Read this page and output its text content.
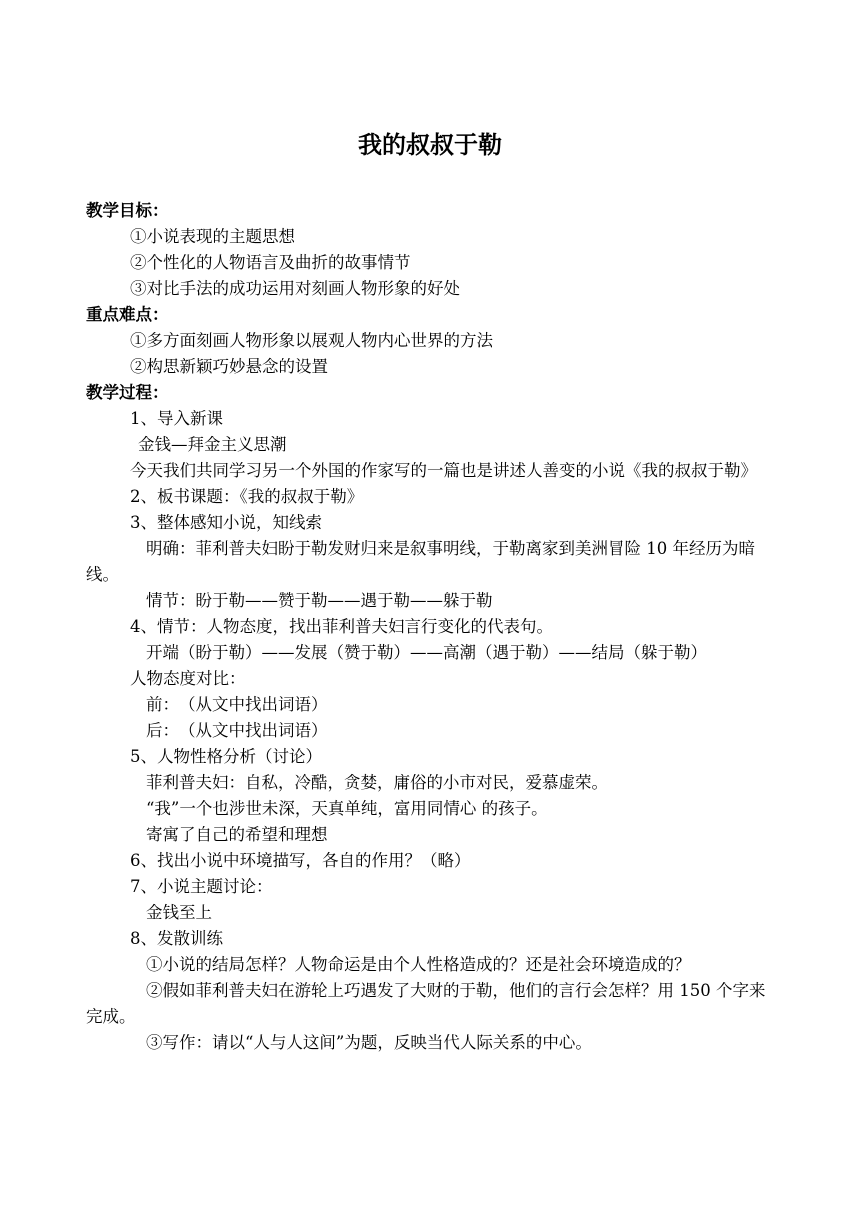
我的叔叔于勒
教学目标：
①小说表现的主题思想
②个性化的人物语言及曲折的故事情节
③对比手法的成功运用对刻画人物形象的好处
重点难点：
①多方面刻画人物形象以展观人物内心世界的方法
②构思新颖巧妙悬念的设置
教学过程：
1、导入新课
金钱—拜金主义思潮
今天我们共同学习另一个外国的作家写的一篇也是讲述人善变的小说《我的叔叔于勒》
2、板书课题：《我的叔叔于勒》
3、整体感知小说，知线索
明确：菲利普夫妇盼于勒发财归来是叙事明线，于勒离家到美洲冒险 10 年经历为暗线。
情节：盼于勒——赞于勒——遇于勒——躲于勒
4、情节：人物态度，找出菲利普夫妇言行变化的代表句。
开端（盼于勒）——发展（赞于勒）——高潮（遇于勒）——结局（躲于勒）
人物态度对比：
前：　（从文中找出词语）
后：　（从文中找出词语）
5、人物性格分析（讨论）
菲利普夫妇：自私，冷酷，贪婪，庸俗的小市对民，爱慕虚荣。
“我”一个也涉世未深，天真单纯，富用同情心 的孩子。
寄寓了自己的希望和理想
6、找出小说中环境描写，各自的作用？（略）
7、小说主题讨论：
金钱至上
8、发散训练
①小说的结局怎样？人物命运是由个人性格造成的？还是社会环境造成的？
②假如菲利普夫妇在游轮上巧遇发了大财的于勒，他们的言行会怎样？用 150 个字来完成。
③写作：请以“人与人这间”为题，反映当代人际关系的中心。
